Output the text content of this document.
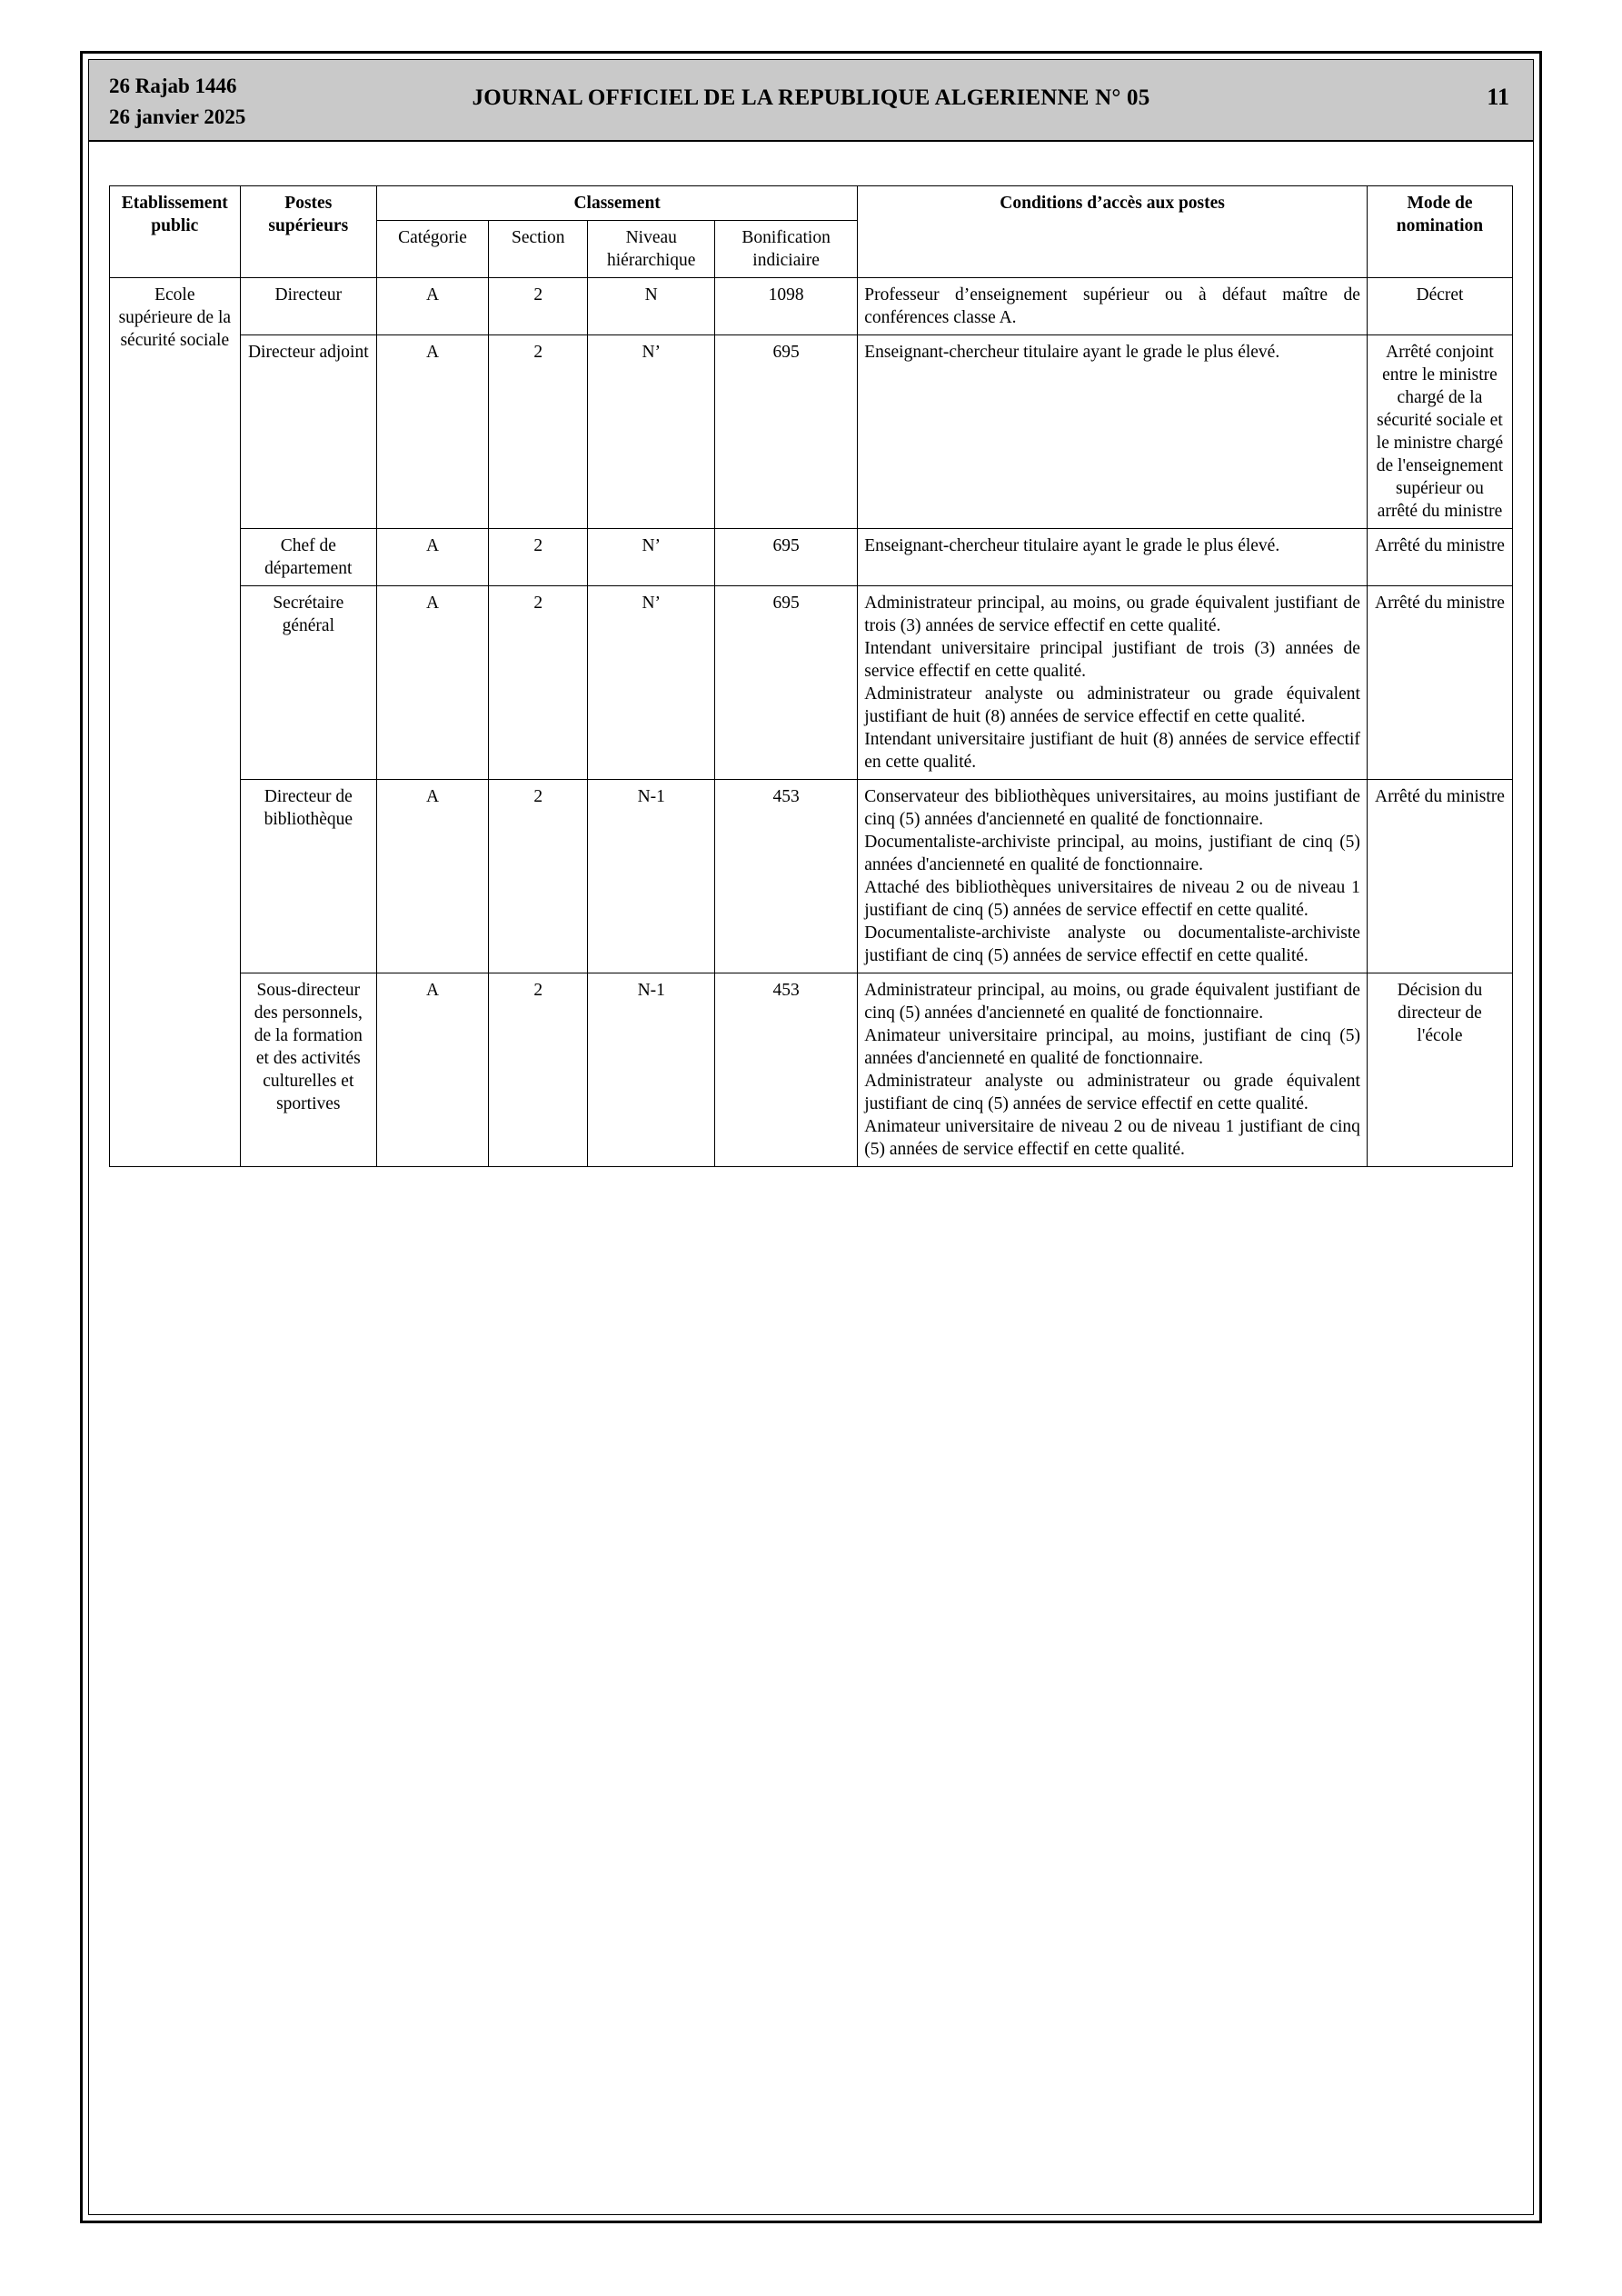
26 Rajab 1446
26 janvier 2025
JOURNAL OFFICIEL DE LA REPUBLIQUE ALGERIENNE N° 05	11
Etablissement public	Postes supérieurs	Classement				Conditions d’accès aux postes	Mode de nomination
		Catégorie	Section	Niveau hiérarchique	Bonification indiciaire		
Ecole supérieure de la sécurité sociale	Directeur	A	2	N	1098	Professeur d’enseignement supérieur ou à défaut maître de conférences classe A.	Décret
	Directeur adjoint	A	2	N’	695	Enseignant-chercheur titulaire ayant le grade le plus élevé.	Arrêté conjoint entre le ministre chargé de la sécurité sociale et le ministre chargé de l'enseignement supérieur ou arrêté du ministre
	Chef de département	A	2	N’	695	Enseignant-chercheur titulaire ayant le grade le plus élevé.	Arrêté du ministre
	Secrétaire général	A	2	N’	695	Administrateur principal, au moins, ou grade équivalent justifiant de trois (3) années de service effectif en cette qualité.
Intendant universitaire principal justifiant de trois (3) années de service effectif en cette qualité.
Administrateur analyste ou administrateur ou grade équivalent justifiant de huit (8) années de service effectif en cette qualité.
Intendant universitaire justifiant de huit (8) années de service effectif en cette qualité.	Arrêté du ministre
	Directeur de bibliothèque	A	2	N-1	453	Conservateur des bibliothèques universitaires, au moins justifiant de cinq (5) années d'ancienneté en qualité de fonctionnaire.
Documentaliste-archiviste principal, au moins, justifiant de cinq (5) années d'ancienneté en qualité de fonctionnaire.
Attaché des bibliothèques universitaires de niveau 2 ou de niveau 1 justifiant de cinq (5) années de service effectif en cette qualité.
Documentaliste-archiviste analyste ou documentaliste-archiviste justifiant de cinq (5) années de service effectif en cette qualité.	Arrêté du ministre
	Sous-directeur des personnels, de la formation et des activités culturelles et sportives	A	2	N-1	453	Administrateur principal, au moins, ou grade équivalent justifiant de cinq (5) années d'ancienneté en qualité de fonctionnaire.
Animateur universitaire principal, au moins, justifiant de cinq (5) années d'ancienneté en qualité de fonctionnaire.
Administrateur analyste ou administrateur ou grade équivalent justifiant de cinq (5) années de service effectif en cette qualité.
Animateur universitaire de niveau 2 ou de niveau 1 justifiant de cinq (5) années de service effectif en cette qualité.	Décision du directeur de l'école
